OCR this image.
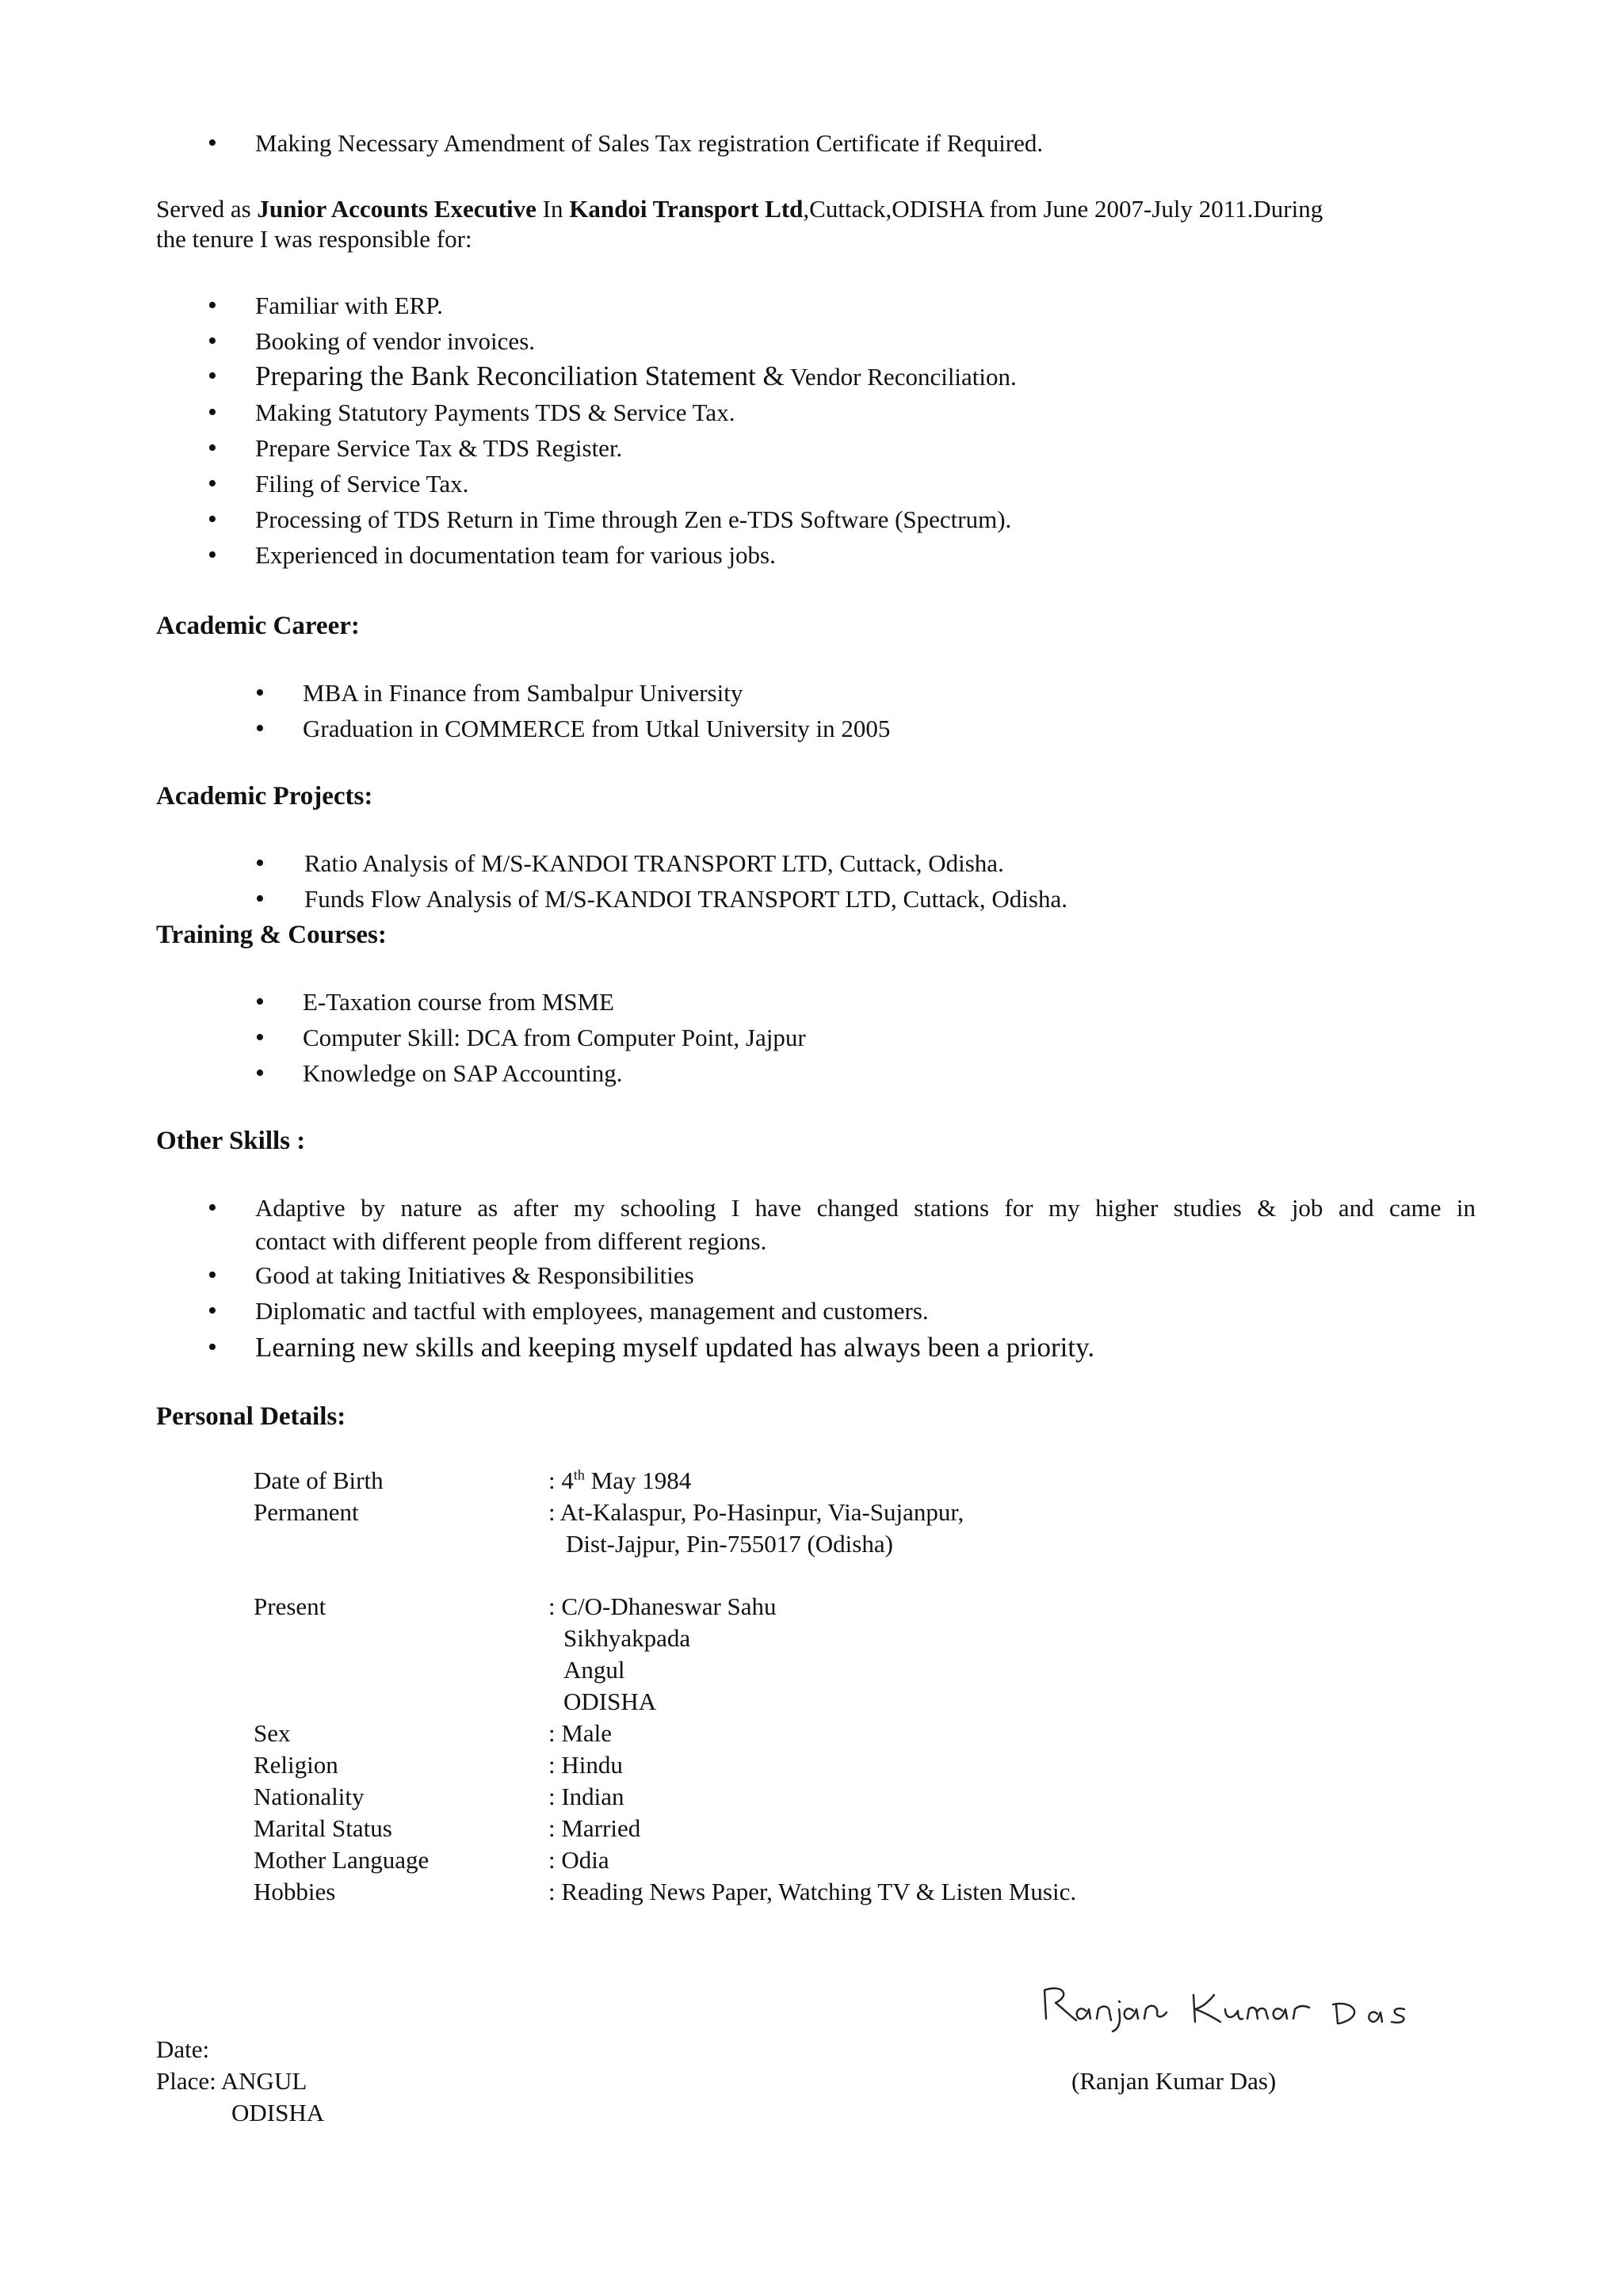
•	Making Necessary Amendment of Sales Tax registration Certificate if Required.
Served as Junior Accounts Executive In Kandoi Transport Ltd,Cuttack,ODISHA from June 2007-July 2011.During
the tenure I was responsible for:
•	Familiar with ERP.
•	Booking of vendor invoices.
•	Preparing the Bank Reconciliation Statement & Vendor Reconciliation.
•	Making Statutory Payments TDS & Service Tax.
•	Prepare Service Tax & TDS Register.
•	Filing of Service Tax.
•	Processing of TDS Return in Time through Zen e-TDS Software (Spectrum).
•	Experienced in documentation team for various jobs.
Academic Career:
•	MBA in Finance from Sambalpur University
•	Graduation in COMMERCE from Utkal University in 2005
Academic Projects:
•	Ratio Analysis of M/S-KANDOI TRANSPORT LTD, Cuttack, Odisha.
•	Funds Flow Analysis of M/S-KANDOI TRANSPORT LTD, Cuttack, Odisha.
Training & Courses:
•	E-Taxation course from MSME
•	Computer Skill: DCA from Computer Point, Jajpur
•	Knowledge on SAP Accounting.
Other Skills :
•	Adaptive by nature as after my schooling I have changed stations for my higher studies & job and came in
contact with different people from different regions.
•	Good at taking Initiatives & Responsibilities
•	Diplomatic and tactful with employees, management and customers.
•	Learning new skills and keeping myself updated has always been a priority.
Personal Details:
Date of Birth	: 4th May 1984
Permanent	: At-Kalaspur, Po-Hasinpur, Via-Sujanpur,
Dist-Jajpur, Pin-755017 (Odisha)
Present	: C/O-Dhaneswar Sahu
Sikhyakpada
Angul
ODISHA
Sex	: Male
Religion	: Hindu
Nationality	: Indian
Marital Status	: Married
Mother Language	: Odia
Hobbies	: Reading News Paper, Watching TV & Listen Music.
Date:
Place: ANGUL
ODISHA
(Ranjan Kumar Das)
